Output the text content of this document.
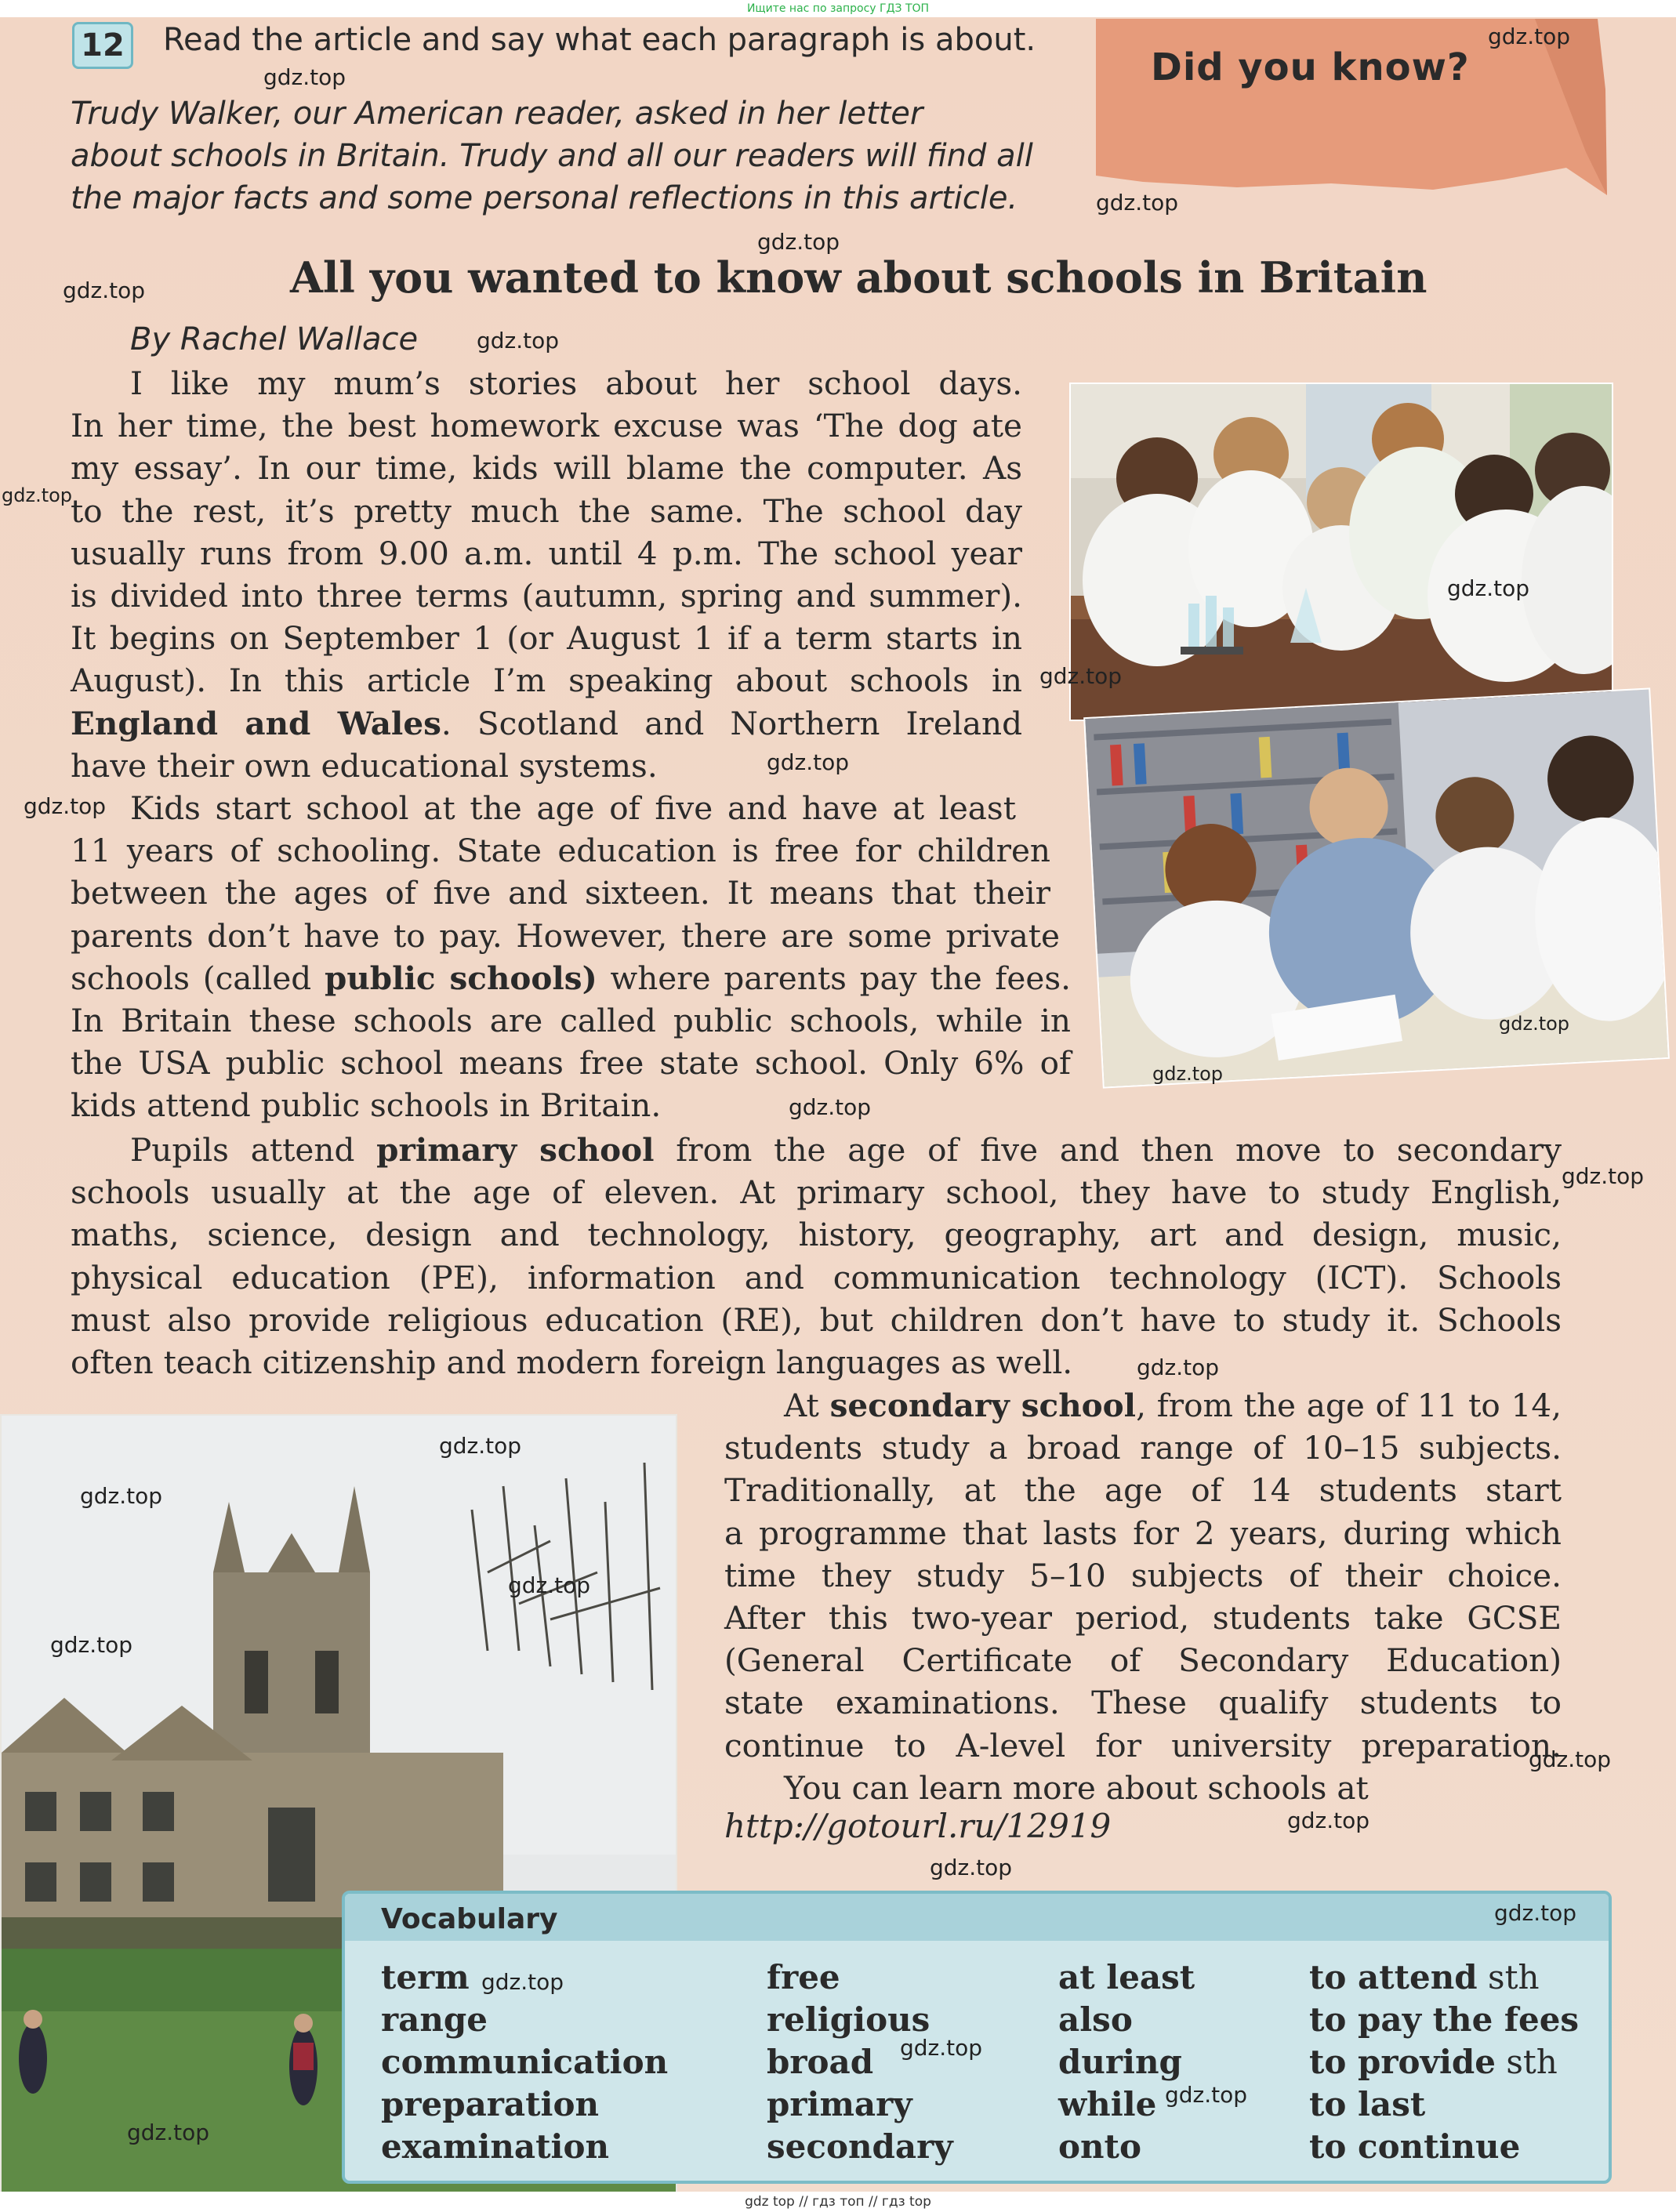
Ищите нас по запросу ГДЗ ТОП
12 Read the article and say what each paragraph is about.
Trudy Walker, our American reader, asked in her letter
about schools in Britain. Trudy and all our readers will find all
the major facts and some personal reflections in this article.
Did you know?
All you wanted to know about schools in Britain
By Rachel Wallace
I like my mum’s stories about her school days.
In her time, the best homework excuse was ‘The dog ate
my essay’. In our time, kids will blame the computer. As
to the rest, it’s pretty much the same. The school day
usually runs from 9.00 a.m. until 4 p.m. The school year
is divided into three terms (autumn, spring and summer).
It begins on September 1 (or August 1 if a term starts in
August). In this article I’m speaking about schools in
England and Wales. Scotland and Northern Ireland
have their own educational systems.
Kids start school at the age of five and have at least
11 years of schooling. State education is free for children
between the ages of five and sixteen. It means that their
parents don’t have to pay. However, there are some private
schools (called public schools) where parents pay the fees.
In Britain these schools are called public schools, while in
the USA public school means free state school. Only 6% of
kids attend public schools in Britain.
Pupils attend primary school from the age of five and then move to secondary
schools usually at the age of eleven. At primary school, they have to study English,
maths, science, design and technology, history, geography, art and design, music,
physical education (PE), information and communication technology (ICT). Schools
must also provide religious education (RE), but children don’t have to study it. Schools
often teach citizenship and modern foreign languages as well.
At secondary school, from the age of 11 to 14,
students study a broad range of 10–15 subjects.
Traditionally, at the age of 14 students start
a programme that lasts for 2 years, during which
time they study 5–10 subjects of their choice.
After this two-year period, students take GCSE
(General Certificate of Secondary Education)
state examinations. These qualify students to
continue to A-level for university preparation.
You can learn more about schools at
http://gotourl.ru/12919
Vocabulary
term
range
communication
preparation
examination
free
religious
broad
primary
secondary
at least
also
during
while
onto
to attend sth
to pay the fees
to provide sth
to last
to continue
gdz.top
gdz.top
gdz.top
gdz.top
gdz.top
gdz.top
gdz.top
gdz.top
gdz.top
gdz.top
gdz.top
gdz.top
gdz.top
gdz.top
gdz.top
gdz.top
gdz.top
gdz.top
gdz.top
gdz.top
gdz.top
gdz.top
gdz.top
gdz.top
gdz.top
gdz.top
gdz.top
gdz.top
gdz top // гдз топ // гдз top
